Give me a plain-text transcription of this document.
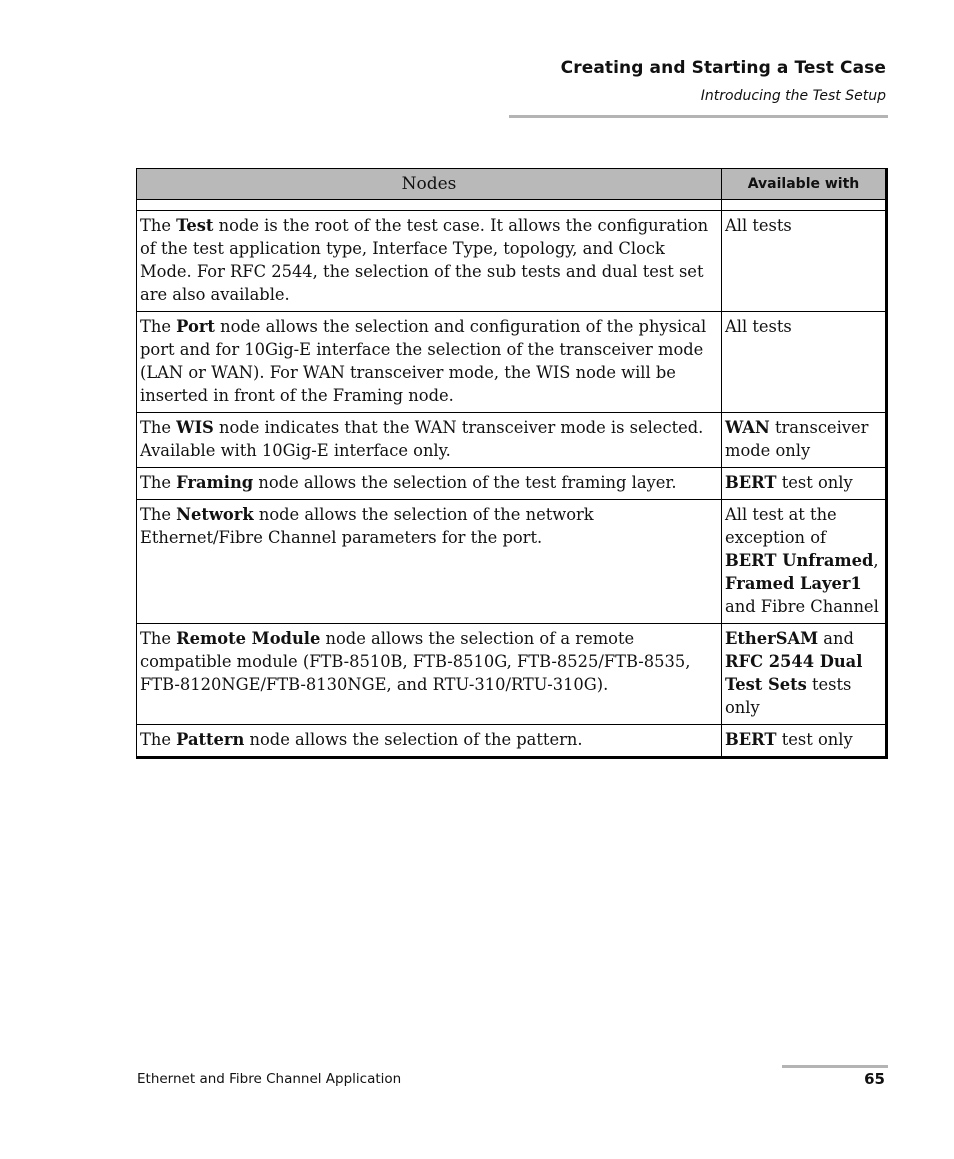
Creating and Starting a Test Case
Introducing the Test Setup
Nodes	Available with

The Test node is the root of the test case. It allows the configuration of the test application type, Interface Type, topology, and Clock Mode. For RFC 2544, the selection of the sub tests and dual test set are also available.	All tests
The Port node allows the selection and configuration of the physical port and for 10Gig-E interface the selection of the transceiver mode (LAN or WAN). For WAN transceiver mode, the WIS node will be inserted in front of the Framing node.	All tests
The WIS node indicates that the WAN transceiver mode is selected. Available with 10Gig-E interface only.	WAN transceiver mode only
The Framing node allows the selection of the test framing layer.	BERT test only
The Network node allows the selection of the network Ethernet/Fibre Channel parameters for the port.	All test at the exception of BERT Unframed, Framed Layer1 and Fibre Channel
The Remote Module node allows the selection of a remote compatible module (FTB-8510B, FTB-8510G, FTB-8525/FTB-8535, FTB-8120NGE/FTB-8130NGE, and RTU-310/RTU-310G).	EtherSAM and RFC 2544 Dual Test Sets tests only
The Pattern node allows the selection of the pattern.	BERT test only
Ethernet and Fibre Channel Application	65
